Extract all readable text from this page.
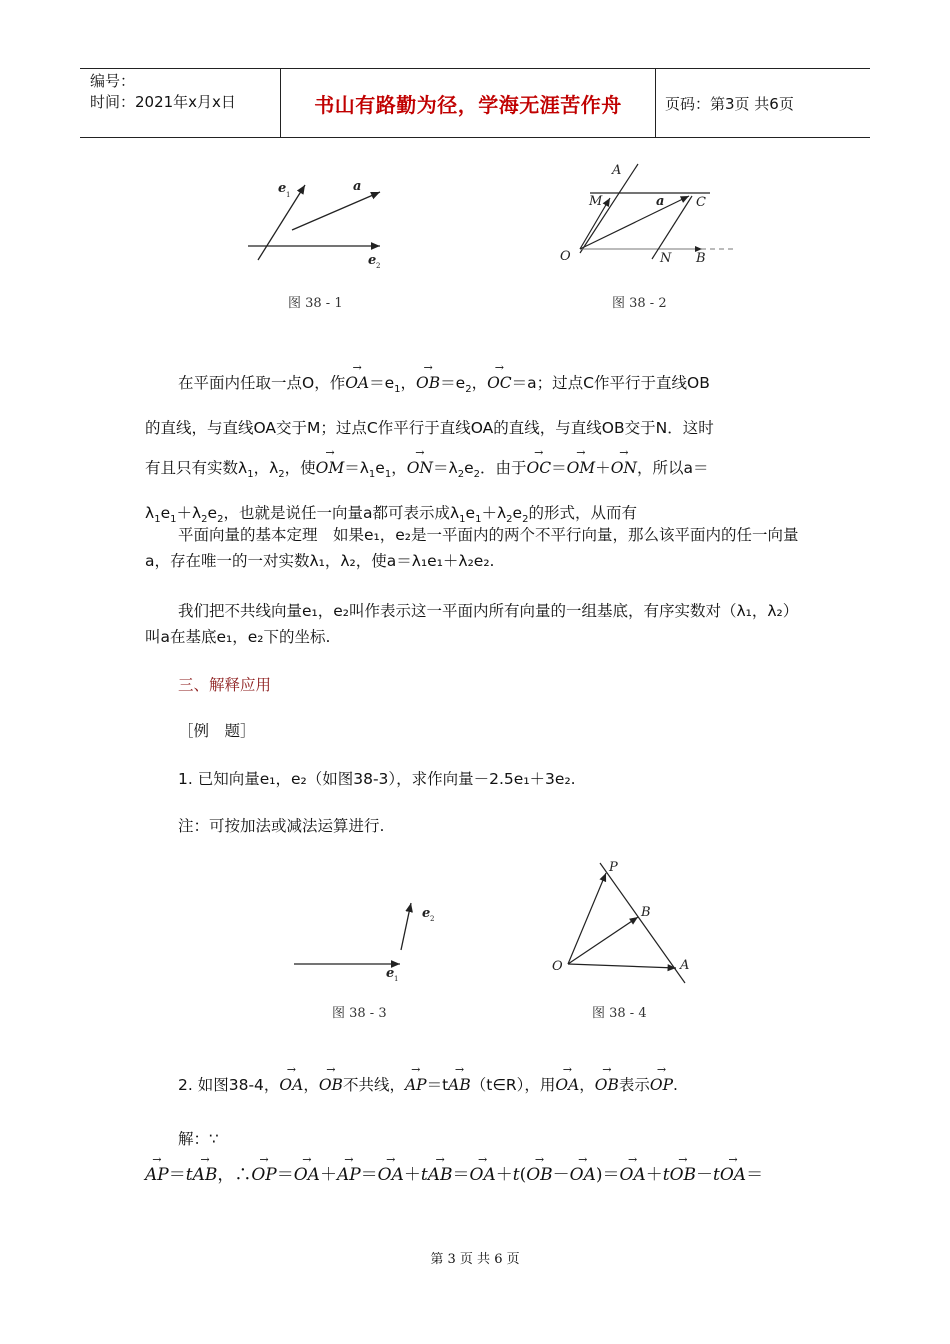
编号：
时间：2021年x月x日	书山有路勤为径，学海无涯苦作舟	页码：第3页 共6页
e 1
a
e 2
图 38 - 1
A
M	a C
O	N B
图 38 - 2
在平面内任取一点O，作→ $OA=e_1$，→ $OB=e_2$，→ OC＝a；过点C作平行于直线OB
的直线，与直线OA交于M；过点C作平行于直线OA的直线，与直线OB交于N．这时
有且只有实数$\lambda_1$，$\lambda_2$，使→ $OM=\lambda_1e_1$，→ $ON=\lambda_2e_2$．由于→ OC＝→ OM＋→ ON，所以a＝
$\lambda_1e_1+\lambda_2e_2$，也就是说任一向量a都可表示成$\lambda_1e_1+\lambda_2e_2$的形式，从而有
平面向量的基本定理　如果e₁，e₂是一平面内的两个不平行向量，那么该平面内的任一向量a，存在唯一的一对实数λ₁，λ₂，使a＝λ₁e₁＋λ₂e₂.
我们把不共线向量e₁，e₂叫作表示这一平面内所有向量的一组基底，有序实数对（λ₁，λ₂）叫a在基底e₁，e₂下的坐标.
三、解释应用
［例　题］
1. 已知向量e₁，e₂（如图38-3），求作向量－2.5e₁＋3e₂.
注：可按加法或减法运算进行.
e 1
e 2
图 38 - 3
P
B
O	A
图 38 - 4
2. 如图38-4，→ OA，→ OB不共线，→ AP＝t→ AB（t∈R），用→ OA，→ OB表示→ OP.
解：∵
→ AP＝t→ AB，∴→ OP＝→ OA＋→ AP＝→ OA＋t→ AB＝→ OA＋t(→ OB－→ OA)＝→ OA＋t→ OB－t→ OA＝
第 3 页 共 6 页
